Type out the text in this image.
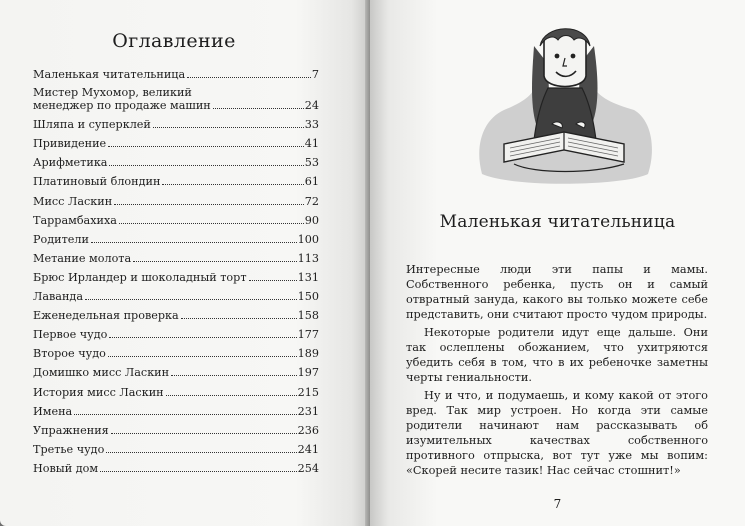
Оглавление
Маленькая читательница	7
Мистер Мухомор, великий
менеджер по продаже машин	24
Шляпа и суперклей	33
Привидение	41
Арифметика	53
Платиновый блондин	61
Мисс Ласкин	72
Таррамбахиха	90
Родители	100
Метание молота	113
Брюс Ирландер и шоколадный торт	131
Лаванда	150
Еженедельная проверка	158
Первое чудо	177
Второе чудо	189
Домишко мисс Ласкин	197
История мисс Ласкин	215
Имена	231
Упражнения	236
Третье чудо	241
Новый дом	254
Маленькая читательница

Интересные люди эти папы и мамы. Собственного ребенка, пусть он и самый отвратный зануда, какого вы только можете себе представить, они считают просто чудом природы.

Некоторые родители идут еще дальше. Они так ослеплены обожанием, что ухитряются убедить себя в том, что в их ребеночке заметны черты гениальности.

Ну и что, и подумаешь, и кому какой от этого вред. Так мир устроен. Но когда эти самые родители начинают нам рассказывать об изумительных качествах собственного противного отпрыска, вот тут уже мы вопим: «Скорей несите тазик! Нас сейчас стошнит!»

7
